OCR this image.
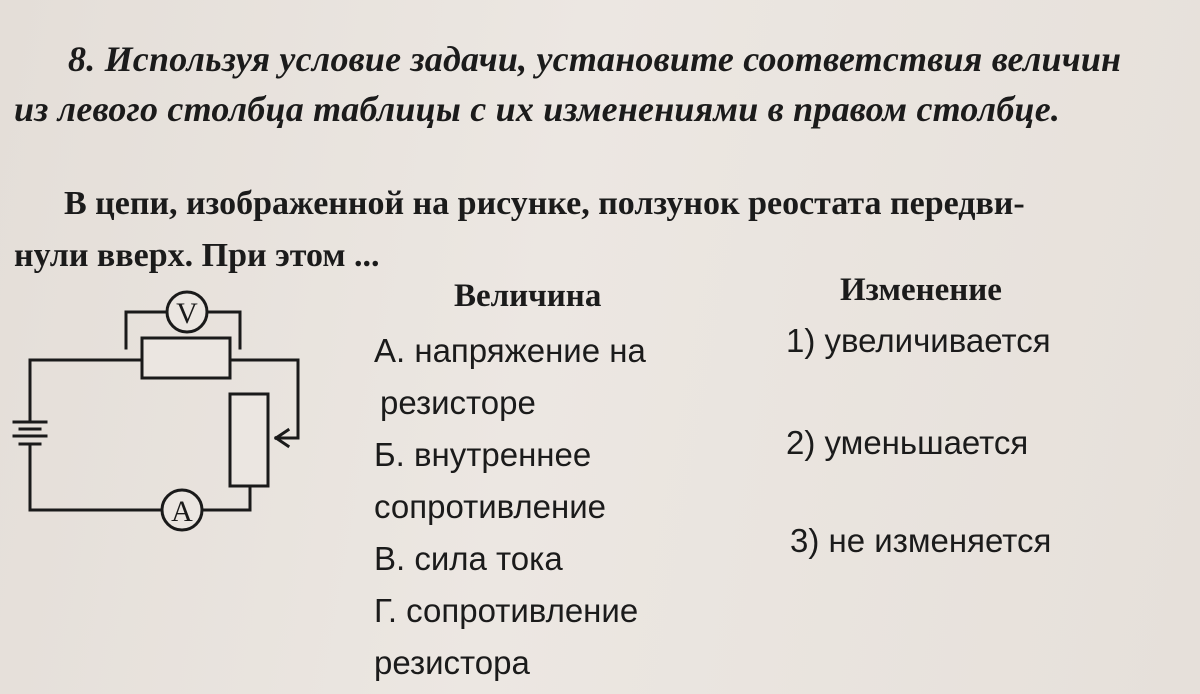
8. Используя условие задачи, установите соответствия величин
из левого столбца таблицы с их изменениями в правом столбце.
В цепи, изображенной на рисунке, ползунок реостата передви-
нули вверх. При этом ...
V
A
Величина	Изменение
А. напряжение на
резисторе
Б. внутреннее
сопротивление
В. сила тока
Г. сопротивление
резистора
1) увеличивается
2) уменьшается
3) не изменяется
